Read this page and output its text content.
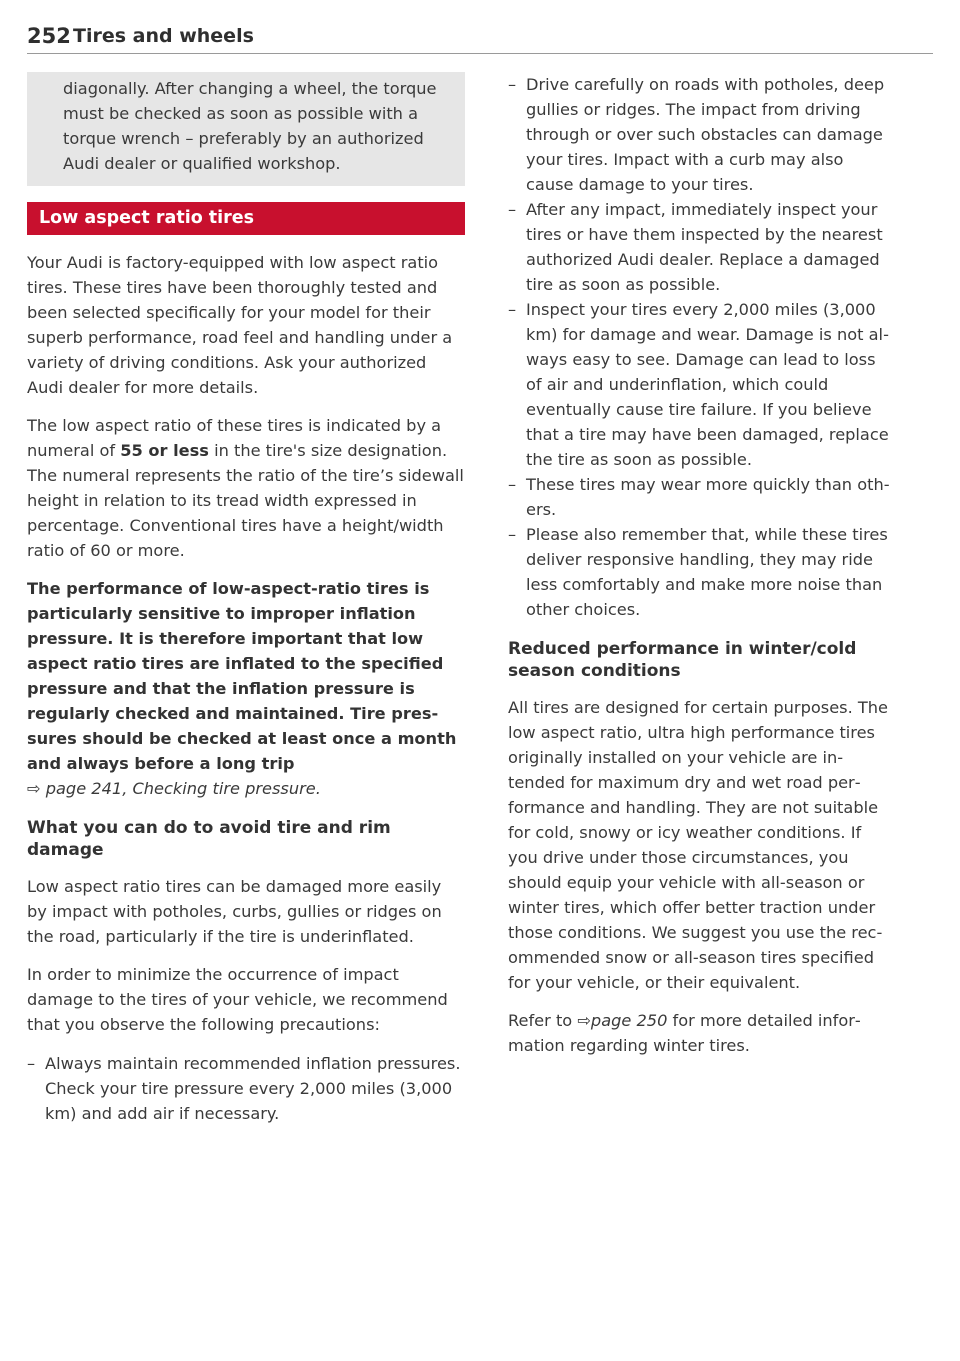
252 Tires and wheels

diagonally. After changing a wheel, the torque must be checked as soon as possible with a torque wrench – preferably by an authorized Audi dealer or qualified workshop.

Low aspect ratio tires

Your Audi is factory-equipped with low aspect ratio tires. These tires have been thoroughly tested and been selected specifically for your model for their superb performance, road feel and handling under a variety of driving conditions. Ask your authorized Audi dealer for more details.

The low aspect ratio of these tires is indicated by a numeral of 55 or less in the tire's size designation. The numeral represents the ratio of the tire’s sidewall height in relation to its tread width expressed in percentage. Conventional tires have a height/width ratio of 60 or more.

The performance of low-aspect-ratio tires is particularly sensitive to improper inflation pressure. It is therefore important that low aspect ratio tires are inflated to the specified pressure and that the inflation pressure is regularly checked and maintained. Tire pressures should be checked at least once a month and always before a long trip
⇨ page 241, Checking tire pressure.

What you can do to avoid tire and rim damage

Low aspect ratio tires can be damaged more easily by impact with potholes, curbs, gullies or ridges on the road, particularly if the tire is underinflated.

In order to minimize the occurrence of impact damage to the tires of your vehicle, we recommend that you observe the following precautions:

– Always maintain recommended inflation pressures. Check your tire pressure every 2,000 miles (3,000 km) and add air if necessary.
– Drive carefully on roads with potholes, deep gullies or ridges. The impact from driving through or over such obstacles can damage your tires. Impact with a curb may also cause damage to your tires.
– After any impact, immediately inspect your tires or have them inspected by the nearest authorized Audi dealer. Replace a damaged tire as soon as possible.
– Inspect your tires every 2,000 miles (3,000 km) for damage and wear. Damage is not always easy to see. Damage can lead to loss of air and underinflation, which could eventually cause tire failure. If you believe that a tire may have been damaged, replace the tire as soon as possible.
– These tires may wear more quickly than others.
– Please also remember that, while these tires deliver responsive handling, they may ride less comfortably and make more noise than other choices.
Reduced performance in winter/cold season conditions

All tires are designed for certain purposes. The low aspect ratio, ultra high performance tires originally installed on your vehicle are intended for maximum dry and wet road performance and handling. They are not suitable for cold, snowy or icy weather conditions. If you drive under those circumstances, you should equip your vehicle with all-season or winter tires, which offer better traction under those conditions. We suggest you use the recommended snow or all-season tires specified for your vehicle, or their equivalent.

Refer to ⇨page 250 for more detailed information regarding winter tires.
